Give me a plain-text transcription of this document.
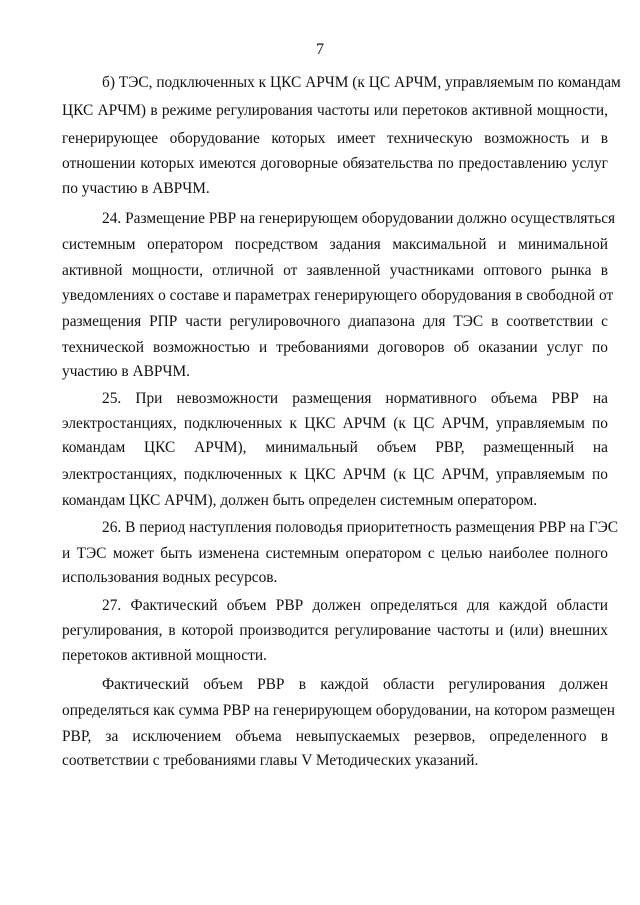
7

б) ТЭС, подключенных к ЦКС АРЧМ (к ЦС АРЧМ, управляемым по командам

ЦКС АРЧМ) в режиме регулирования частоты или перетоков активной мощности,

генерирующее оборудование которых имеет техническую возможность и в

отношении которых имеются договорные обязательства по предоставлению услуг

по участию в АВРЧМ.

24. Размещение РВР на генерирующем оборудовании должно осуществляться

системным оператором посредством задания максимальной и минимальной

активной мощности, отличной от заявленной участниками оптового рынка в

уведомлениях о составе и параметрах генерирующего оборудования в свободной от

размещения РПР части регулировочного диапазона для ТЭС в соответствии с

технической возможностью и требованиями договоров об оказании услуг по

участию в АВРЧМ.

25. При невозможности размещения нормативного объема РВР на

электростанциях, подключенных к ЦКС АРЧМ (к ЦС АРЧМ, управляемым по

командам ЦКС АРЧМ), минимальный объем РВР, размещенный на

электростанциях, подключенных к ЦКС АРЧМ (к ЦС АРЧМ, управляемым по

командам ЦКС АРЧМ), должен быть определен системным оператором.

26. В период наступления половодья приоритетность размещения РВР на ГЭС

и ТЭС может быть изменена системным оператором с целью наиболее полного

использования водных ресурсов.

27. Фактический объем РВР должен определяться для каждой области

регулирования, в которой производится регулирование частоты и (или) внешних

перетоков активной мощности.

Фактический объем РВР в каждой области регулирования должен

определяться как сумма РВР на генерирующем оборудовании, на котором размещен

РВР, за исключением объема невыпускаемых резервов, определенного в

соответствии с требованиями главы V Методических указаний.
